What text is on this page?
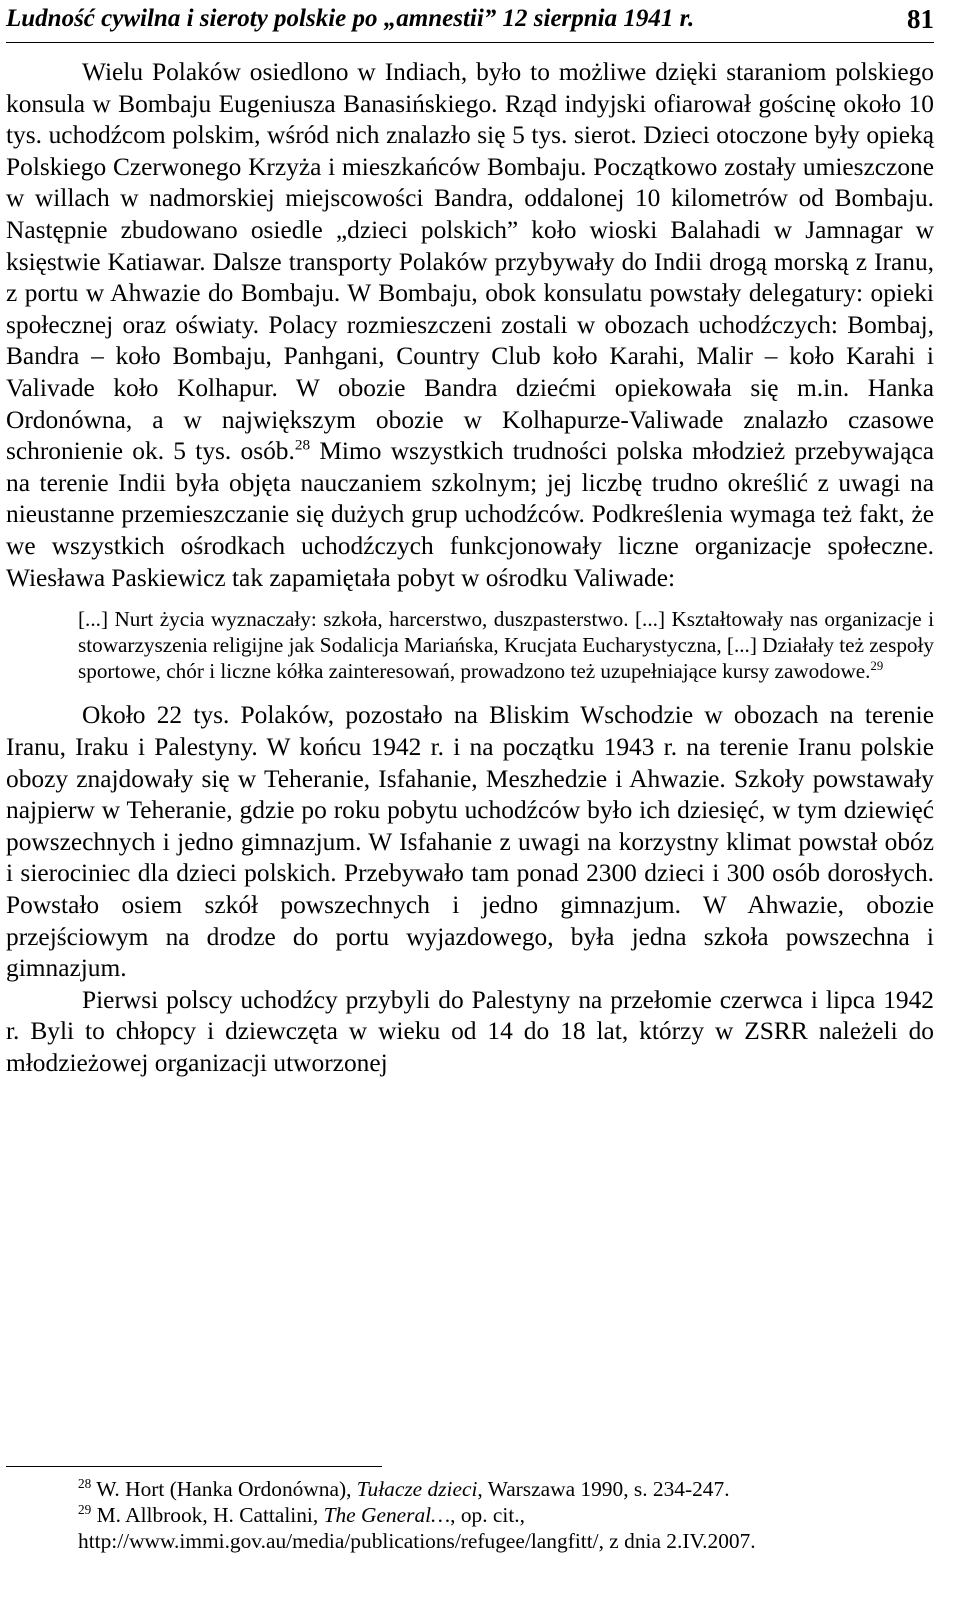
Ludność cywilna i sieroty polskie po „amnestii” 12 sierpnia 1941 r.	81

Wielu Polaków osiedlono w Indiach, było to możliwe dzięki staraniom polskiego konsula w Bombaju Eugeniusza Banasińskiego. Rząd indyjski ofiarował gościnę około 10 tys. uchodźcom polskim, wśród nich znalazło się 5 tys. sierot. Dzieci otoczone były opieką Polskiego Czerwonego Krzyża i mieszkańców Bombaju. Początkowo zostały umieszczone w willach w nadmorskiej miejscowości Bandra, oddalonej 10 kilometrów od Bombaju. Następnie zbudowano osiedle „dzieci polskich” koło wioski Balahadi w Jamnagar w księstwie Katiawar. Dalsze transporty Polaków przybywały do Indii drogą morską z Iranu, z portu w Ahwazie do Bombaju. W Bombaju, obok konsulatu powstały delegatury: opieki społecznej oraz oświaty. Polacy rozmieszczeni zostali w obozach uchodźczych: Bombaj, Bandra – koło Bombaju, Panhgani, Country Club koło Karahi, Malir – koło Karahi i Valivade koło Kolhapur. W obozie Bandra dziećmi opiekowała się m.in. Hanka Ordonówna, a w największym obozie w Kolhapurze-Valiwade znalazło czasowe schronienie ok. 5 tys. osób.$^{28}$ Mimo wszystkich trudności polska młodzież przebywająca na terenie Indii była objęta nauczaniem szkolnym; jej liczbę trudno określić z uwagi na nieustanne przemieszczanie się dużych grup uchodźców. Podkreślenia wymaga też fakt, że we wszystkich ośrodkach uchodźczych funkcjonowały liczne organizacje społeczne. Wiesława Paskiewicz tak zapamiętała pobyt w ośrodku Valiwade:

[...] Nurt życia wyznaczały: szkoła, harcerstwo, duszpasterstwo. [...] Kształtowały nas organizacje i stowarzyszenia religijne jak Sodalicja Mariańska, Krucjata Eucharystyczna, [...] Działały też zespoły sportowe, chór i liczne kółka zainteresowań, prowadzono też uzupełniające kursy zawodowe.$^{29}$

Około 22 tys. Polaków, pozostało na Bliskim Wschodzie w obozach na terenie Iranu, Iraku i Palestyny. W końcu 1942 r. i na początku 1943 r. na terenie Iranu polskie obozy znajdowały się w Teheranie, Isfahanie, Meszhedzie i Ahwazie. Szkoły powstawały najpierw w Teheranie, gdzie po roku pobytu uchodźców było ich dziesięć, w tym dziewięć powszechnych i jedno gimnazjum. W Isfahanie z uwagi na korzystny klimat powstał obóz i sierociniec dla dzieci polskich. Przebywało tam ponad 2300 dzieci i 300 osób dorosłych. Powstało osiem szkół powszechnych i jedno gimnazjum. W Ahwazie, obozie przejściowym na drodze do portu wyjazdowego, była jedna szkoła powszechna i gimnazjum.

Pierwsi polscy uchodźcy przybyli do Palestyny na przełomie czerwca i lipca 1942 r. Byli to chłopcy i dziewczęta w wieku od 14 do 18 lat, którzy w ZSRR należeli do młodzieżowej organizacji utworzonej

$^{28}$ W. Hort (Hanka Ordonówna), Tułacze dzieci, Warszawa 1990, s. 234-247.

$^{29}$ M. Allbrook, H. Cattalini, The General…, op. cit., http://www.immi.gov.au/media/publications/refugee/langfitt/, z dnia 2.IV.2007.
